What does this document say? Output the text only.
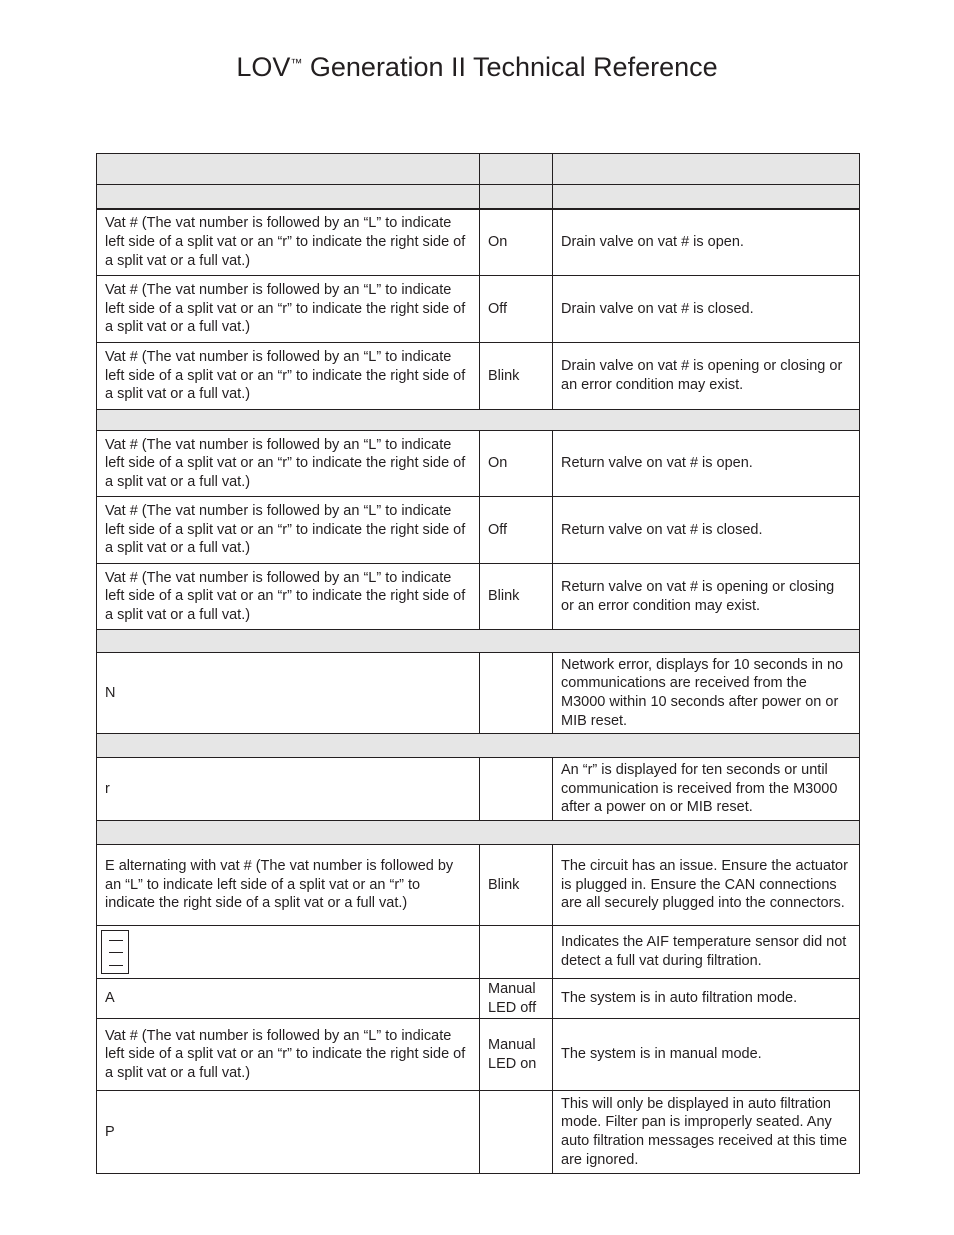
LOV™ Generation II Technical Reference

Vat # (The vat number is followed by an “L” to indicate left side of a split vat or an “r” to indicate the right side of a split vat or a full vat.)	On	Drain valve on vat # is open.
Vat # (The vat number is followed by an “L” to indicate left side of a split vat or an “r” to indicate the right side of a split vat or a full vat.)	Off	Drain valve on vat # is closed.
Vat # (The vat number is followed by an “L” to indicate left side of a split vat or an “r” to indicate the right side of a split vat or a full vat.)	Blink	Drain valve on vat # is opening or closing or an error condition may exist.

Vat # (The vat number is followed by an “L” to indicate left side of a split vat or an “r” to indicate the right side of a split vat or a full vat.)	On	Return valve on vat # is open.
Vat # (The vat number is followed by an “L” to indicate left side of a split vat or an “r” to indicate the right side of a split vat or a full vat.)	Off	Return valve on vat # is closed.
Vat # (The vat number is followed by an “L” to indicate left side of a split vat or an “r” to indicate the right side of a split vat or a full vat.)	Blink	Return valve on vat # is opening or closing or an error condition may exist.

N		Network error, displays for 10 seconds in no communications are received from the M3000 within 10 seconds after power on or MIB reset.

r		An “r” is displayed for ten seconds or until communication is received from the M3000 after a power on or MIB reset.

E alternating with vat # (The vat number is followed by an “L” to indicate left side of a split vat or an “r” to indicate the right side of a split vat or a full vat.)	Blink	The circuit has an issue. Ensure the actuator is plugged in. Ensure the CAN connections are all securely plugged into the connectors.

		Indicates the AIF temperature sensor did not detect a full vat during filtration.
A	Manual LED off	The system is in auto filtration mode.
Vat # (The vat number is followed by an “L” to indicate left side of a split vat or an “r” to indicate the right side of a split vat or a full vat.)	Manual LED on	The system is in manual mode.
P		This will only be displayed in auto filtration mode. Filter pan is improperly seated. Any auto filtration messages received at this time are ignored.
